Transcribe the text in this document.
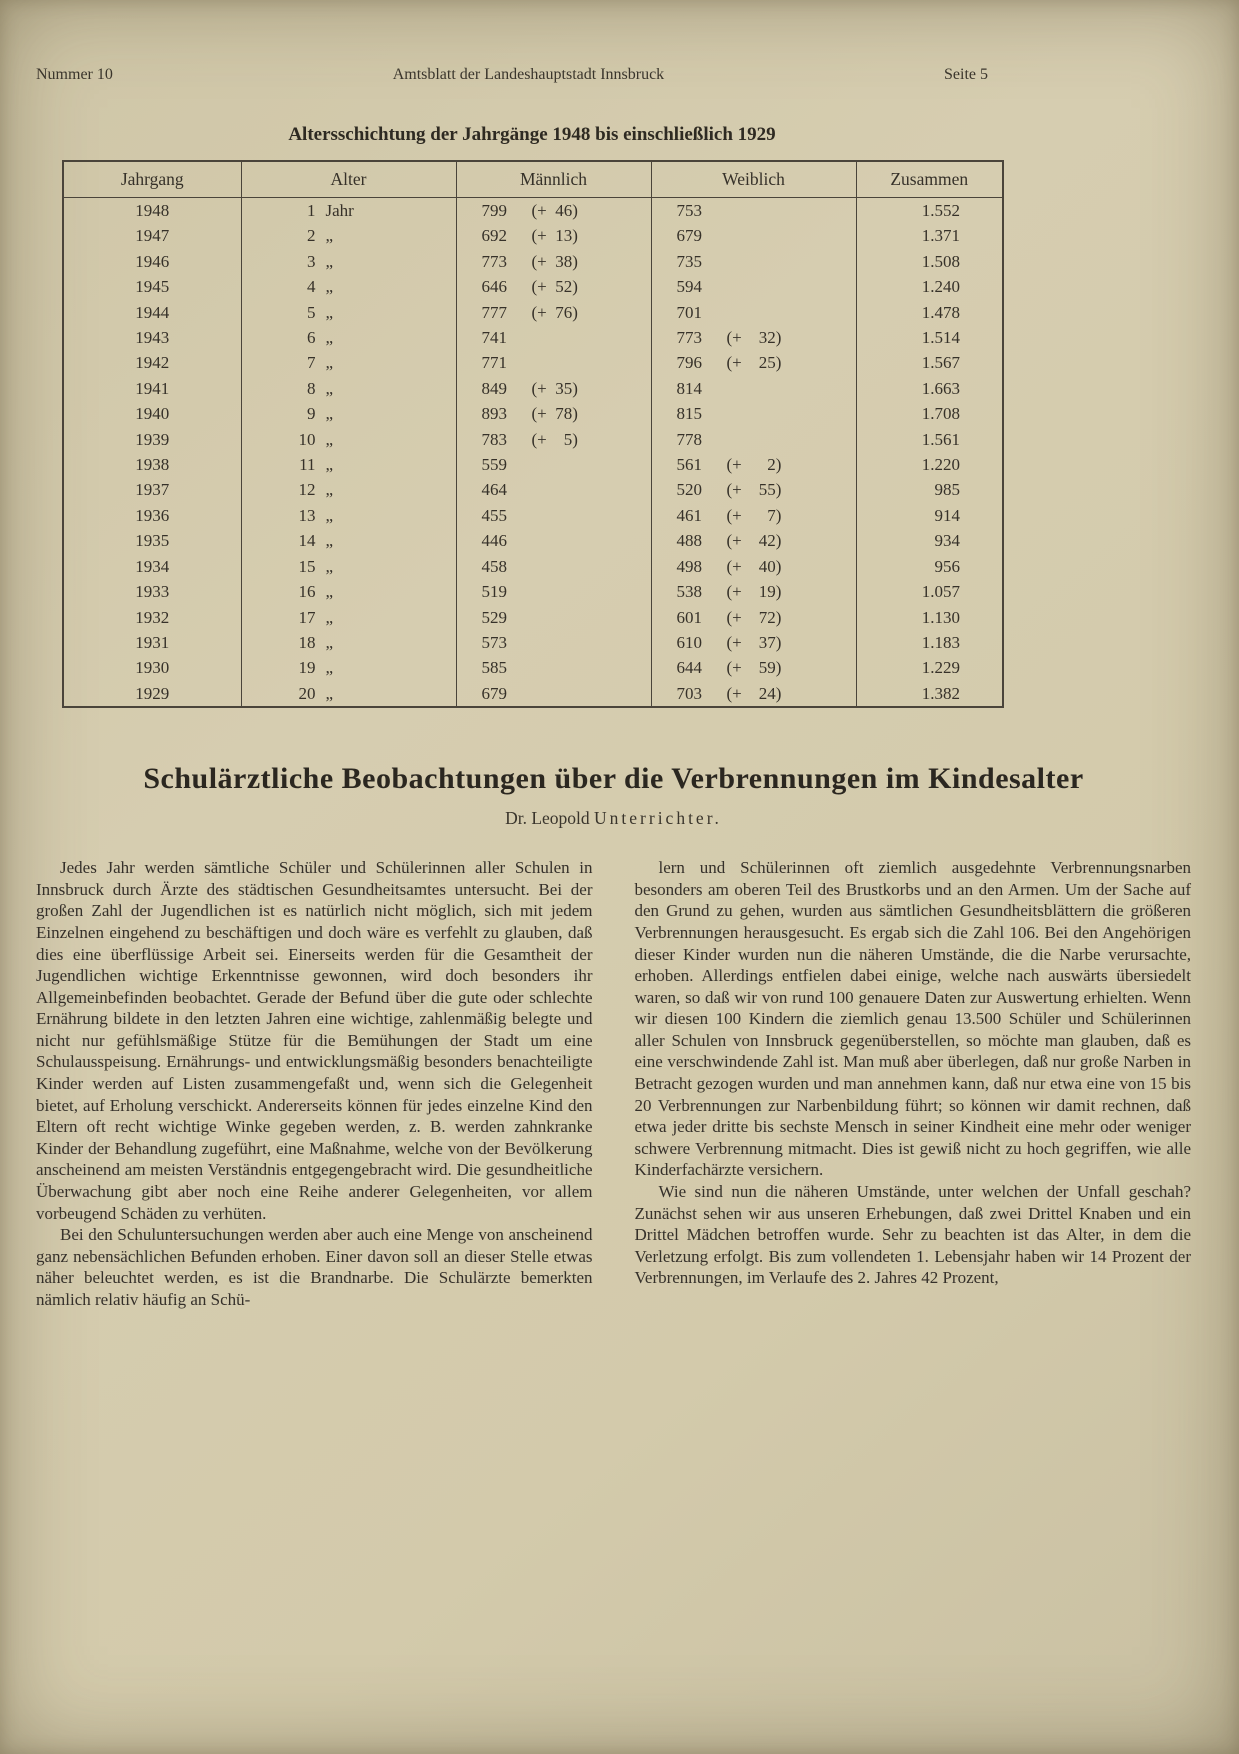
Nummer 10	Amtsblatt der Landeshauptstadt Innsbruck	Seite 5
Altersschichtung der Jahrgänge 1948 bis einschließlich 1929
Jahrgang	Alter	Männlich	Weiblich	Zusammen
1948	1 Jahr	799 (+  46)	753	1.552
1947	2 „	692 (+  13)	679	1.371
1946	3 „	773 (+  38)	735	1.508
1945	4 „	646 (+  52)	594	1.240
1944	5 „	777 (+  76)	701	1.478
1943	6 „	741	773 (+    32)	1.514
1942	7 „	771	796 (+    25)	1.567
1941	8 „	849 (+  35)	814	1.663
1940	9 „	893 (+  78)	815	1.708
1939	10 „	783 (+    5)	778	1.561
1938	11 „	559	561 (+      2)	1.220
1937	12 „	464	520 (+    55)	985
1936	13 „	455	461 (+      7)	914
1935	14 „	446	488 (+    42)	934
1934	15 „	458	498 (+    40)	956
1933	16 „	519	538 (+    19)	1.057
1932	17 „	529	601 (+    72)	1.130
1931	18 „	573	610 (+    37)	1.183
1930	19 „	585	644 (+    59)	1.229
1929	20 „	679	703 (+    24)	1.382
Schulärztliche Beobachtungen über die Verbrennungen im Kindesalter
Dr. Leopold Unterrichter.

Jedes Jahr werden sämtliche Schüler und Schülerinnen aller Schulen in Innsbruck durch Ärzte des städtischen Gesundheitsamtes untersucht. Bei der großen Zahl der Jugendlichen ist es natürlich nicht möglich, sich mit jedem Einzelnen eingehend zu beschäftigen und doch wäre es verfehlt zu glauben, daß dies eine überflüssige Arbeit sei. Einerseits werden für die Gesamtheit der Jugendlichen wichtige Erkenntnisse gewonnen, wird doch besonders ihr Allgemeinbefinden beobachtet. Gerade der Befund über die gute oder schlechte Ernährung bildete in den letzten Jahren eine wichtige, zahlenmäßig belegte und nicht nur gefühlsmäßige Stütze für die Bemühungen der Stadt um eine Schulausspeisung. Ernährungs- und entwicklungsmäßig besonders benachteiligte Kinder werden auf Listen zusammengefaßt und, wenn sich die Gelegenheit bietet, auf Erholung verschickt. Andererseits können für jedes einzelne Kind den Eltern oft recht wichtige Winke gegeben werden, z. B. werden zahnkranke Kinder der Behandlung zugeführt, eine Maßnahme, welche von der Bevölkerung anscheinend am meisten Verständnis entgegengebracht wird. Die gesundheitliche Überwachung gibt aber noch eine Reihe anderer Gelegenheiten, vor allem vorbeugend Schäden zu verhüten.

Bei den Schuluntersuchungen werden aber auch eine Menge von anscheinend ganz nebensächlichen Befunden erhoben. Einer davon soll an dieser Stelle etwas näher beleuchtet werden, es ist die Brandnarbe. Die Schulärzte bemerkten nämlich relativ häufig an Schü-

lern und Schülerinnen oft ziemlich ausgedehnte Verbrennungsnarben besonders am oberen Teil des Brustkorbs und an den Armen. Um der Sache auf den Grund zu gehen, wurden aus sämtlichen Gesundheitsblättern die größeren Verbrennungen herausgesucht. Es ergab sich die Zahl 106. Bei den Angehörigen dieser Kinder wurden nun die näheren Umstände, die die Narbe verursachte, erhoben. Allerdings entfielen dabei einige, welche nach auswärts übersiedelt waren, so daß wir von rund 100 genauere Daten zur Auswertung erhielten. Wenn wir diesen 100 Kindern die ziemlich genau 13.500 Schüler und Schülerinnen aller Schulen von Innsbruck gegenüberstellen, so möchte man glauben, daß es eine verschwindende Zahl ist. Man muß aber überlegen, daß nur große Narben in Betracht gezogen wurden und man annehmen kann, daß nur etwa eine von 15 bis 20 Verbrennungen zur Narbenbildung führt; so können wir damit rechnen, daß etwa jeder dritte bis sechste Mensch in seiner Kindheit eine mehr oder weniger schwere Verbrennung mitmacht. Dies ist gewiß nicht zu hoch gegriffen, wie alle Kinderfachärzte versichern.

Wie sind nun die näheren Umstände, unter welchen der Unfall geschah? Zunächst sehen wir aus unseren Erhebungen, daß zwei Drittel Knaben und ein Drittel Mädchen betroffen wurde. Sehr zu beachten ist das Alter, in dem die Verletzung erfolgt. Bis zum vollendeten 1. Lebensjahr haben wir 14 Prozent der Verbrennungen, im Verlaufe des 2. Jahres 42 Prozent,
